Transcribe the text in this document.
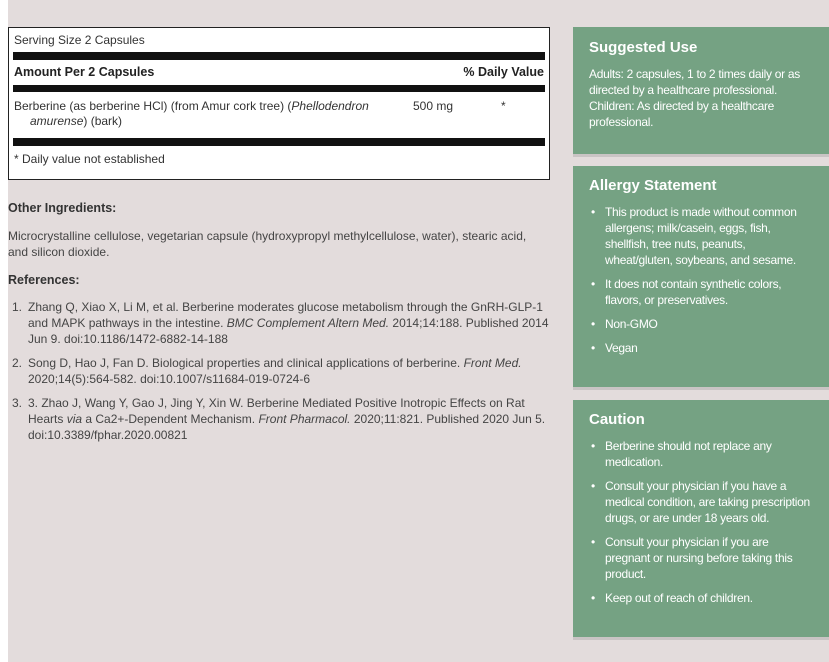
Serving Size 2 Capsules
Amount Per 2 Capsules	% Daily Value
Berberine (as berberine HCl) (from Amur cork tree) (Phellodendron
amurense) (bark)
500 mg	*
* Daily value not established
Other Ingredients:

Microcrystalline cellulose, vegetarian capsule (hydroxypropyl methylcellulose, water), stearic acid, and silicon dioxide.

References:
1. Zhang Q, Xiao X, Li M, et al. Berberine moderates glucose metabolism through the GnRH-GLP-1 and MAPK pathways in the intestine. BMC Complement Altern Med. 2014;14:188. Published 2014 Jun 9. doi:10.1186/1472-6882-14-188
2. Song D, Hao J, Fan D. Biological properties and clinical applications of berberine. Front Med. 2020;14(5):564-582. doi:10.1007/s11684-019-0724-6
3. 3. Zhao J, Wang Y, Gao J, Jing Y, Xin W. Berberine Mediated Positive Inotropic Effects on Rat Hearts via a Ca2+-Dependent Mechanism. Front Pharmacol. 2020;11:821. Published 2020 Jun 5. doi:10.3389/fphar.2020.00821
Suggested Use

Adults: 2 capsules, 1 to 2 times daily or as directed by a healthcare professional. Children: As directed by a healthcare professional.

Allergy Statement
• This product is made without common allergens; milk/casein, eggs, fish, shellfish, tree nuts, peanuts, wheat/gluten, soybeans, and sesame.
• It does not contain synthetic colors, flavors, or preservatives.
• Non-GMO
• Vegan
Caution
• Berberine should not replace any medication.
• Consult your physician if you have a medical condition, are taking prescription drugs, or are under 18 years old.
• Consult your physician if you are pregnant or nursing before taking this product.
• Keep out of reach of children.
